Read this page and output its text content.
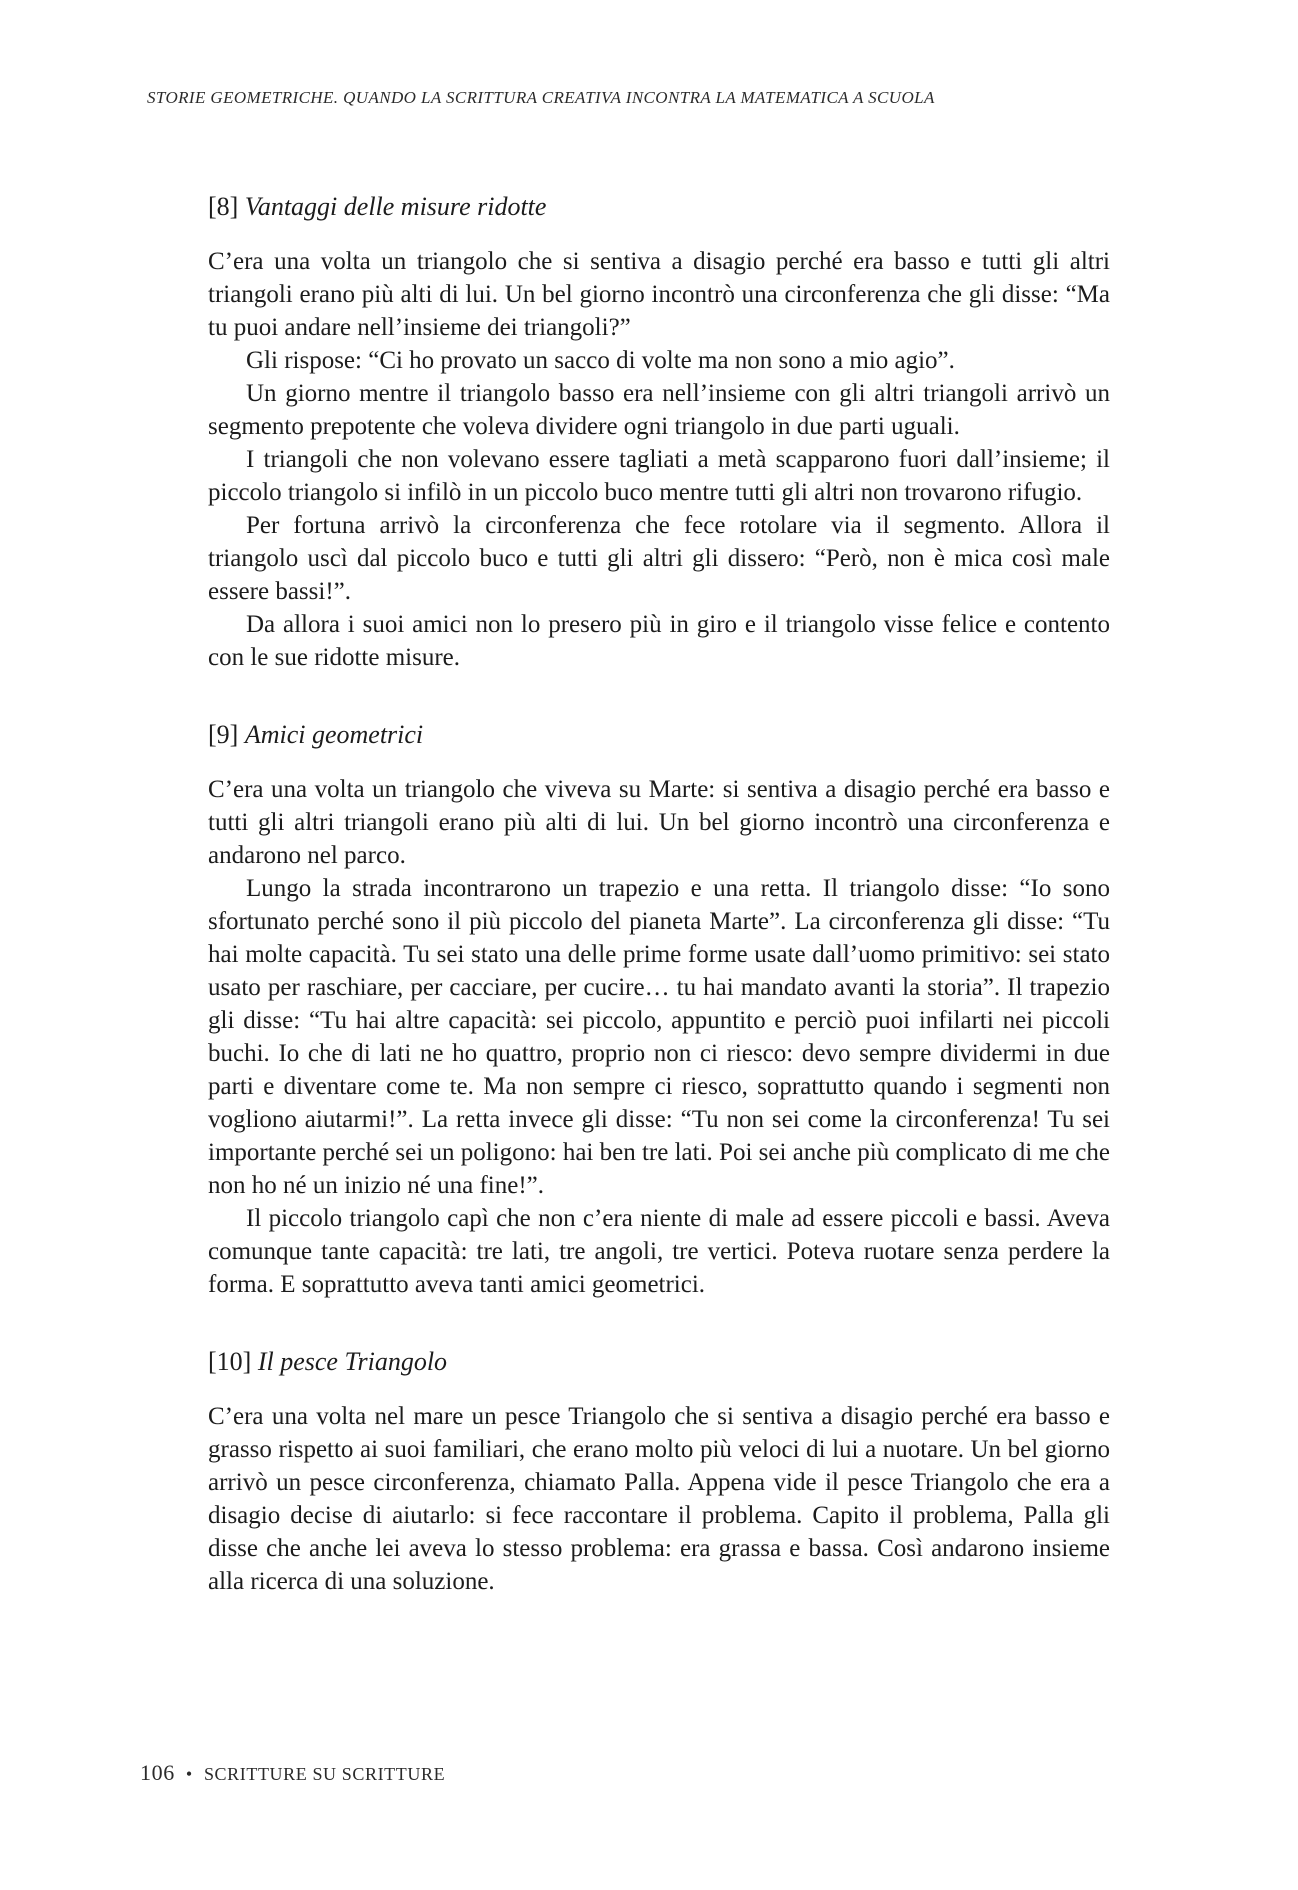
STORIE GEOMETRICHE. QUANDO LA SCRITTURA CREATIVA INCONTRA LA MATEMATICA A SCUOLA
[8] Vantaggi delle misure ridotte

C’era una volta un triangolo che si sentiva a disagio perché era basso e tutti gli altri triangoli erano più alti di lui. Un bel giorno incontrò una circonferenza che gli disse: “Ma tu puoi andare nell’insieme dei triangoli?”

Gli rispose: “Ci ho provato un sacco di volte ma non sono a mio agio”.

Un giorno mentre il triangolo basso era nell’insieme con gli altri triangoli arrivò un segmento prepotente che voleva dividere ogni triangolo in due parti uguali.

I triangoli che non volevano essere tagliati a metà scapparono fuori dall’insieme; il piccolo triangolo si infilò in un piccolo buco mentre tutti gli altri non trovarono rifugio.

Per fortuna arrivò la circonferenza che fece rotolare via il segmento. Allora il triangolo uscì dal piccolo buco e tutti gli altri gli dissero: “Però, non è mica così male essere bassi!”.

Da allora i suoi amici non lo presero più in giro e il triangolo visse felice e contento con le sue ridotte misure.

[9] Amici geometrici

C’era una volta un triangolo che viveva su Marte: si sentiva a disagio perché era basso e tutti gli altri triangoli erano più alti di lui. Un bel giorno incontrò una circonferenza e andarono nel parco.

Lungo la strada incontrarono un trapezio e una retta. Il triangolo disse: “Io sono sfortunato perché sono il più piccolo del pianeta Marte”. La circonferenza gli disse: “Tu hai molte capacità. Tu sei stato una delle prime forme usate dall’uomo primitivo: sei stato usato per raschiare, per cacciare, per cucire… tu hai mandato avanti la storia”. Il trapezio gli disse: “Tu hai altre capacità: sei piccolo, appuntito e perciò puoi infilarti nei piccoli buchi. Io che di lati ne ho quattro, proprio non ci riesco: devo sempre dividermi in due parti e diventare come te. Ma non sempre ci riesco, soprattutto quando i segmenti non vogliono aiutarmi!”. La retta invece gli disse: “Tu non sei come la circonferenza! Tu sei importante perché sei un poligono: hai ben tre lati. Poi sei anche più complicato di me che non ho né un inizio né una fine!”.

Il piccolo triangolo capì che non c’era niente di male ad essere piccoli e bassi. Aveva comunque tante capacità: tre lati, tre angoli, tre vertici. Poteva ruotare senza perdere la forma. E soprattutto aveva tanti amici geometrici.

[10] Il pesce Triangolo

C’era una volta nel mare un pesce Triangolo che si sentiva a disagio perché era basso e grasso rispetto ai suoi familiari, che erano molto più veloci di lui a nuotare. Un bel giorno arrivò un pesce circonferenza, chiamato Palla. Appena vide il pesce Triangolo che era a disagio decise di aiutarlo: si fece raccontare il problema. Capito il problema, Palla gli disse che anche lei aveva lo stesso problema: era grassa e bassa. Così andarono insieme alla ricerca di una soluzione.

106 • SCRITTURE SU SCRITTURE
